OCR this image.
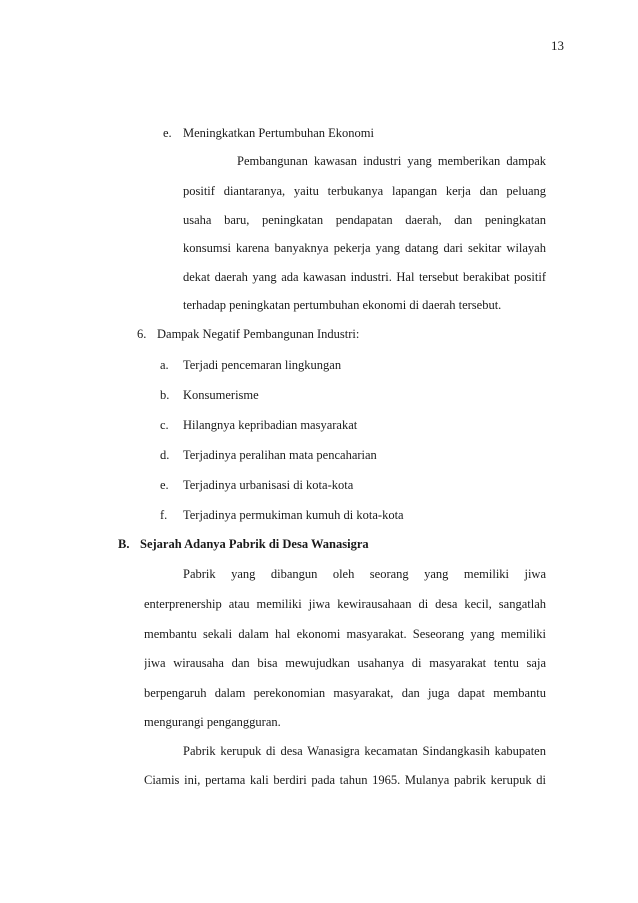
13
e. Meningkatkan Pertumbuhan Ekonomi
Pembangunan kawasan industri yang memberikan dampak
positif diantaranya, yaitu terbukanya lapangan kerja dan peluang
usaha baru, peningkatan pendapatan daerah, dan peningkatan
konsumsi karena banyaknya pekerja yang datang dari sekitar wilayah
dekat daerah yang ada kawasan industri. Hal tersebut berakibat positif
terhadap peningkatan pertumbuhan ekonomi di daerah tersebut.
6. Dampak Negatif Pembangunan Industri:
a. Terjadi pencemaran lingkungan
b. Konsumerisme
c. Hilangnya kepribadian masyarakat
d. Terjadinya peralihan mata pencaharian
e. Terjadinya urbanisasi di kota-kota
f. Terjadinya permukiman kumuh di kota-kota
B. Sejarah Adanya Pabrik di Desa Wanasigra
Pabrik yang dibangun oleh seorang yang memiliki jiwa
enterprenership atau memiliki jiwa kewirausahaan di desa kecil, sangatlah
membantu sekali dalam hal ekonomi masyarakat. Seseorang yang memiliki
jiwa wirausaha dan bisa mewujudkan usahanya di masyarakat tentu saja
berpengaruh dalam perekonomian masyarakat, dan juga dapat membantu
mengurangi pengangguran.
Pabrik kerupuk di desa Wanasigra kecamatan Sindangkasih kabupaten
Ciamis ini, pertama kali berdiri pada tahun 1965. Mulanya pabrik kerupuk di
